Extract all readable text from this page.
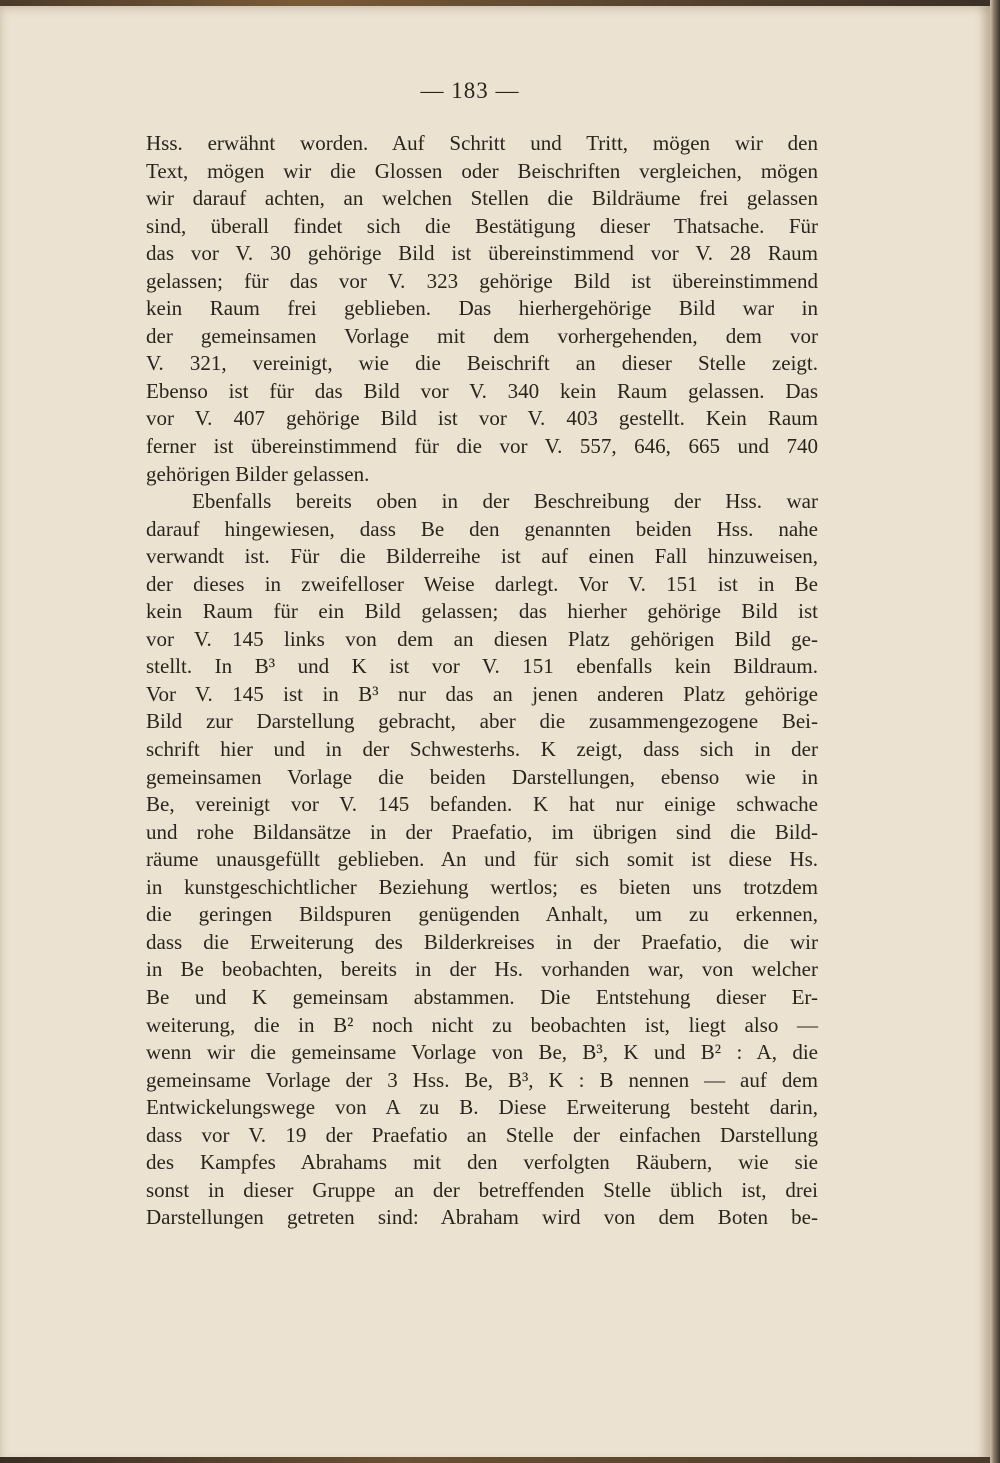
— 183 —
Hss. erwähnt worden. Auf Schritt und Tritt, mögen wir den
Text, mögen wir die Glossen oder Beischriften vergleichen, mögen
wir darauf achten, an welchen Stellen die Bildräume frei gelassen
sind, überall findet sich die Bestätigung dieser Thatsache. Für
das vor V. 30 gehörige Bild ist übereinstimmend vor V. 28 Raum
gelassen; für das vor V. 323 gehörige Bild ist übereinstimmend
kein Raum frei geblieben. Das hierhergehörige Bild war in
der gemeinsamen Vorlage mit dem vorhergehenden, dem vor
V. 321, vereinigt, wie die Beischrift an dieser Stelle zeigt.
Ebenso ist für das Bild vor V. 340 kein Raum gelassen. Das
vor V. 407 gehörige Bild ist vor V. 403 gestellt. Kein Raum
ferner ist übereinstimmend für die vor V. 557, 646, 665 und 740
gehörigen Bilder gelassen.
Ebenfalls bereits oben in der Beschreibung der Hss. war
darauf hingewiesen, dass Be den genannten beiden Hss. nahe
verwandt ist. Für die Bilderreihe ist auf einen Fall hinzuweisen,
der dieses in zweifelloser Weise darlegt. Vor V. 151 ist in Be
kein Raum für ein Bild gelassen; das hierher gehörige Bild ist
vor V. 145 links von dem an diesen Platz gehörigen Bild ge-
stellt. In B³ und K ist vor V. 151 ebenfalls kein Bildraum.
Vor V. 145 ist in B³ nur das an jenen anderen Platz gehörige
Bild zur Darstellung gebracht, aber die zusammengezogene Bei-
schrift hier und in der Schwesterhs. K zeigt, dass sich in der
gemeinsamen Vorlage die beiden Darstellungen, ebenso wie in
Be, vereinigt vor V. 145 befanden. K hat nur einige schwache
und rohe Bildansätze in der Praefatio, im übrigen sind die Bild-
räume unausgefüllt geblieben. An und für sich somit ist diese Hs.
in kunstgeschichtlicher Beziehung wertlos; es bieten uns trotzdem
die geringen Bildspuren genügenden Anhalt, um zu erkennen,
dass die Erweiterung des Bilderkreises in der Praefatio, die wir
in Be beobachten, bereits in der Hs. vorhanden war, von welcher
Be und K gemeinsam abstammen. Die Entstehung dieser Er-
weiterung, die in B² noch nicht zu beobachten ist, liegt also —
wenn wir die gemeinsame Vorlage von Be, B³, K und B² : A, die
gemeinsame Vorlage der 3 Hss. Be, B³, K : B nennen — auf dem
Entwickelungswege von A zu B. Diese Erweiterung besteht darin,
dass vor V. 19 der Praefatio an Stelle der einfachen Darstellung
des Kampfes Abrahams mit den verfolgten Räubern, wie sie
sonst in dieser Gruppe an der betreffenden Stelle üblich ist, drei
Darstellungen getreten sind: Abraham wird von dem Boten be-
